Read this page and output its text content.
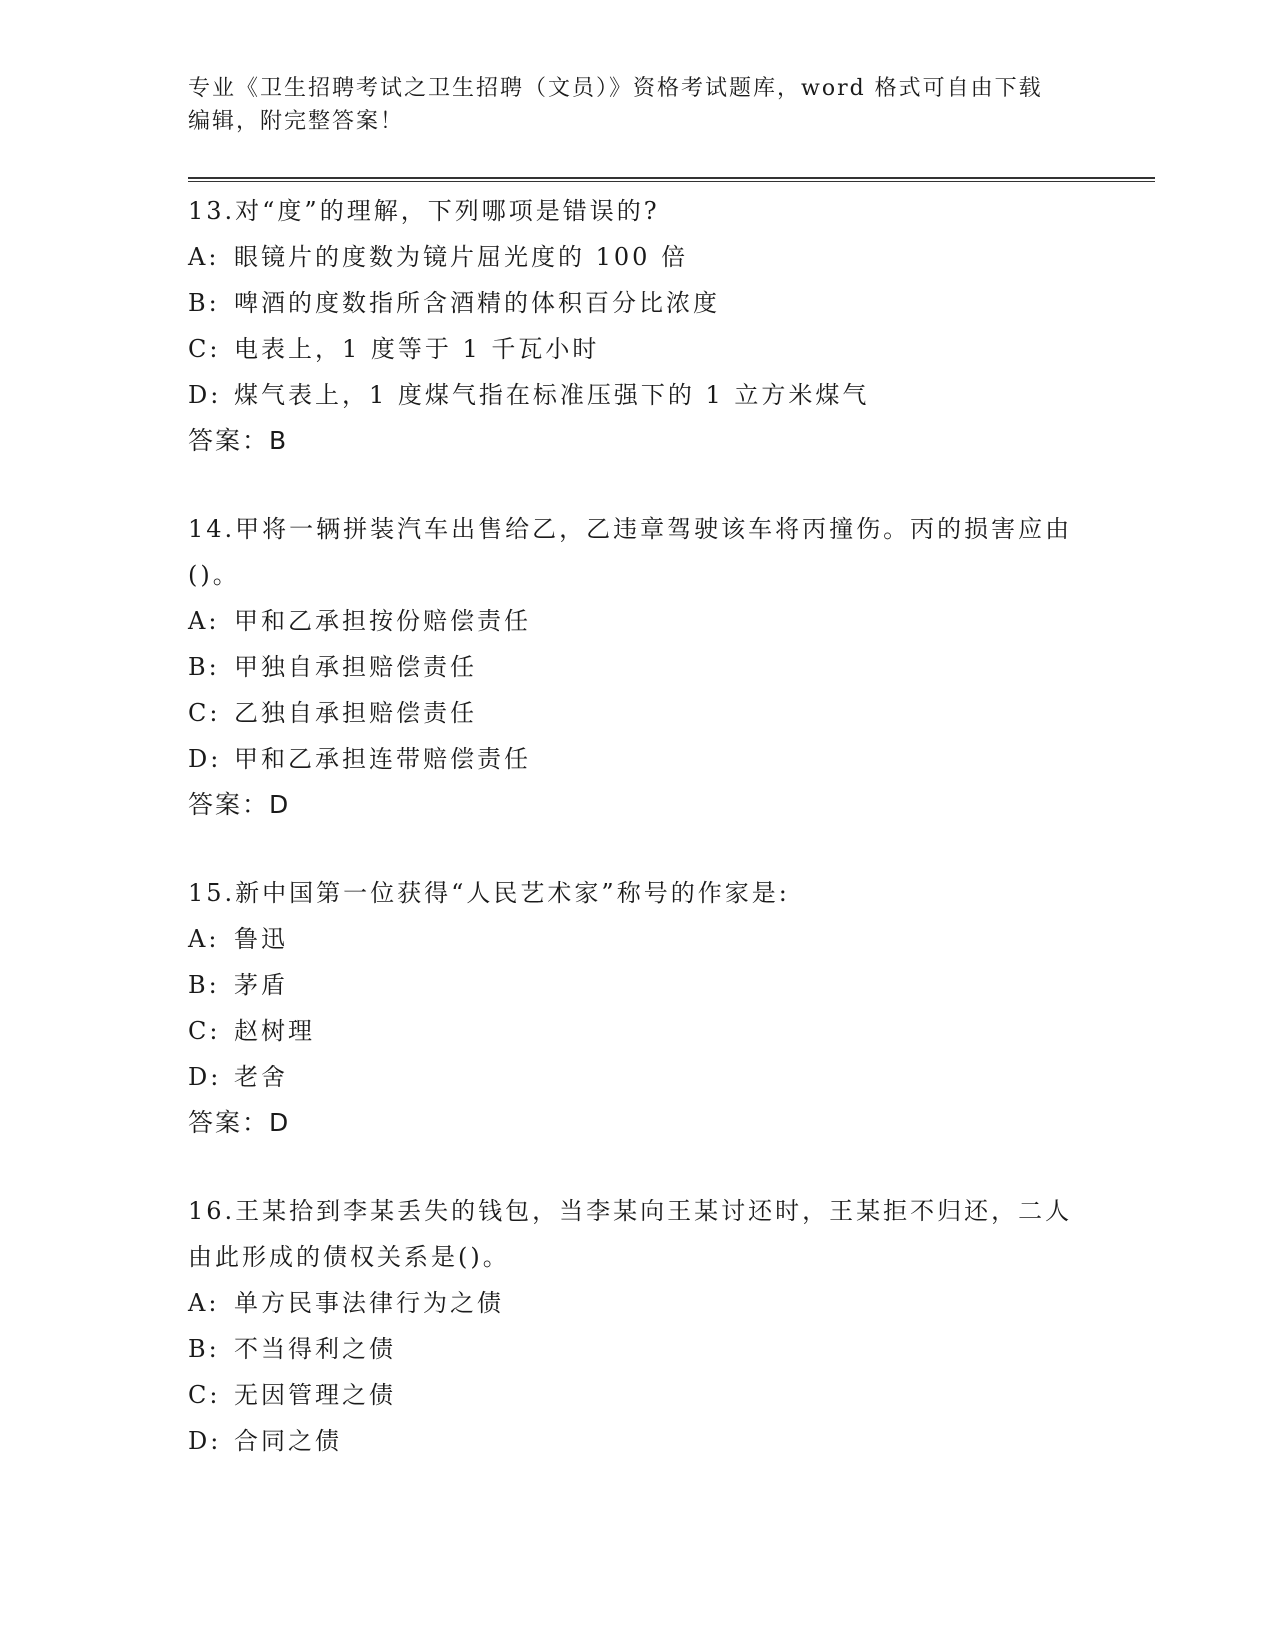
专业《卫生招聘考试之卫生招聘（文员）》资格考试题库，word 格式可自由下载
编辑，附完整答案！
13.对“度”的理解，下列哪项是错误的?
A: 眼镜片的度数为镜片屈光度的 100 倍
B: 啤酒的度数指所含酒精的体积百分比浓度
C: 电表上，1 度等于 1 千瓦小时
D: 煤气表上，1 度煤气指在标准压强下的 1 立方米煤气
答案：B
14.甲将一辆拼装汽车出售给乙，乙违章驾驶该车将丙撞伤。丙的损害应由()。
A: 甲和乙承担按份赔偿责任
B: 甲独自承担赔偿责任
C: 乙独自承担赔偿责任
D: 甲和乙承担连带赔偿责任
答案：D
15.新中国第一位获得“人民艺术家”称号的作家是:
A: 鲁迅
B: 茅盾
C: 赵树理
D: 老舍
答案：D
16.王某拾到李某丢失的钱包，当李某向王某讨还时，王某拒不归还，二人由此形成的债权关系是()。
A: 单方民事法律行为之债
B: 不当得利之债
C: 无因管理之债
D: 合同之债
